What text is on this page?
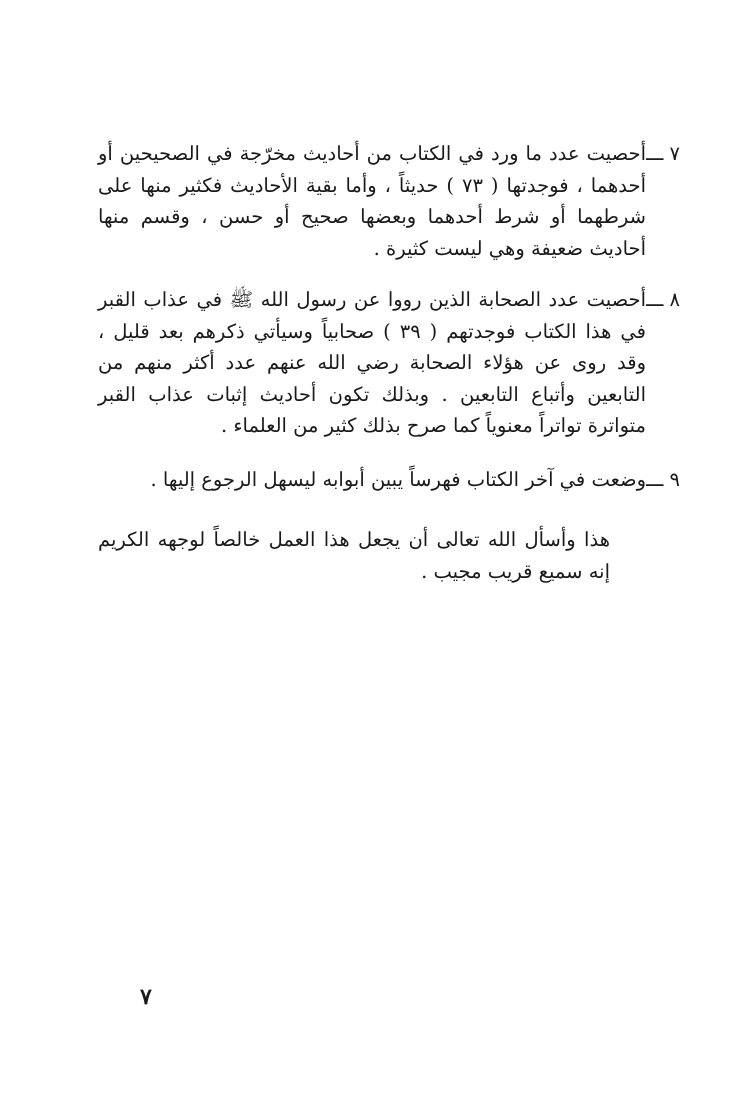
٧ ـــ
أحصيت عدد ما ورد في الكتاب من أحاديث مخرّجة في الصحيحين أو أحدهما ، فوجدتها ( ٧٣ ) حديثاً ، وأما بقية الأحاديث فكثير منها على شرطهما أو شرط أحدهما وبعضها صحيح أو حسن ، وقسم منها أحاديث ضعيفة وهي ليست كثيرة .
٨ ـــ
أحصيت عدد الصحابة الذين رووا عن رسول الله ﷺ في عذاب القبر في هذا الكتاب فوجدتهم ( ٣٩ ) صحابياً وسيأتي ذكرهم بعد قليل ، وقد روى عن هؤلاء الصحابة رضي الله عنهم عدد أكثر منهم من التابعين وأتباع التابعين . وبذلك تكون أحاديث إثبات عذاب القبر متواترة تواتراً معنوياً كما صرح بذلك كثير من العلماء .
٩ ـــ
وضعت في آخر الكتاب فهرساً يبين أبوابه ليسهل الرجوع إليها .
هذا وأسأل الله تعالى أن يجعل هذا العمل خالصاً لوجهه الكريم إنه سميع قريب مجيب .
٧
